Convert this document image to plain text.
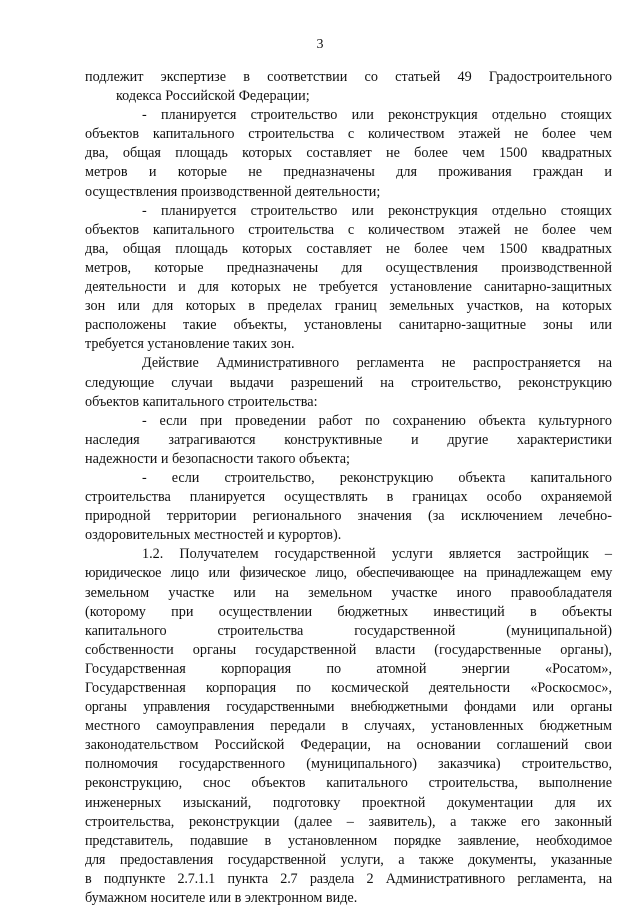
3
подлежит экспертизе в соответствии со статьей 49 Градостроительного
кодекса Российской Федерации;
- планируется строительство или реконструкция отдельно стоящих
объектов капитального строительства с количеством этажей не более чем
два, общая площадь которых составляет не более чем 1500 квадратных
метров и которые не предназначены для проживания граждан и
осуществления производственной деятельности;
- планируется строительство или реконструкция отдельно стоящих
объектов капитального строительства с количеством этажей не более чем
два, общая площадь которых составляет не более чем 1500 квадратных
метров, которые предназначены для осуществления производственной
деятельности и для которых не требуется установление санитарно-защитных
зон или для которых в пределах границ земельных участков, на которых
расположены такие объекты, установлены санитарно-защитные зоны или
требуется установление таких зон.
Действие Административного регламента не распространяется на
следующие случаи выдачи разрешений на строительство, реконструкцию
объектов капитального строительства:
- если при проведении работ по сохранению объекта культурного
наследия затрагиваются конструктивные и другие характеристики
надежности и безопасности такого объекта;
- если строительство, реконструкцию объекта капитального
строительства планируется осуществлять в границах особо охраняемой
природной территории регионального значения (за исключением лечебно-
оздоровительных местностей и курортов).
1.2. Получателем государственной услуги является застройщик –
юридическое лицо или физическое лицо, обеспечивающее на принадлежащем ему
земельном участке или на земельном участке иного правообладателя
(которому при осуществлении бюджетных инвестиций в объекты
капитального строительства государственной (муниципальной)
собственности органы государственной власти (государственные органы),
Государственная корпорация по атомной энергии «Росатом»,
Государственная корпорация по космической деятельности «Роскосмос»,
органы управления государственными внебюджетными фондами или органы
местного самоуправления передали в случаях, установленных бюджетным
законодательством Российской Федерации, на основании соглашений свои
полномочия государственного (муниципального) заказчика) строительство,
реконструкцию, снос объектов капитального строительства, выполнение
инженерных изысканий, подготовку проектной документации для их
строительства, реконструкции (далее – заявитель), а также его законный
представитель, подавшие в установленном порядке заявление, необходимое
для предоставления государственной услуги, а также документы, указанные
в подпункте 2.7.1.1 пункта 2.7 раздела 2 Административного регламента, на
бумажном носителе или в электронном виде.
